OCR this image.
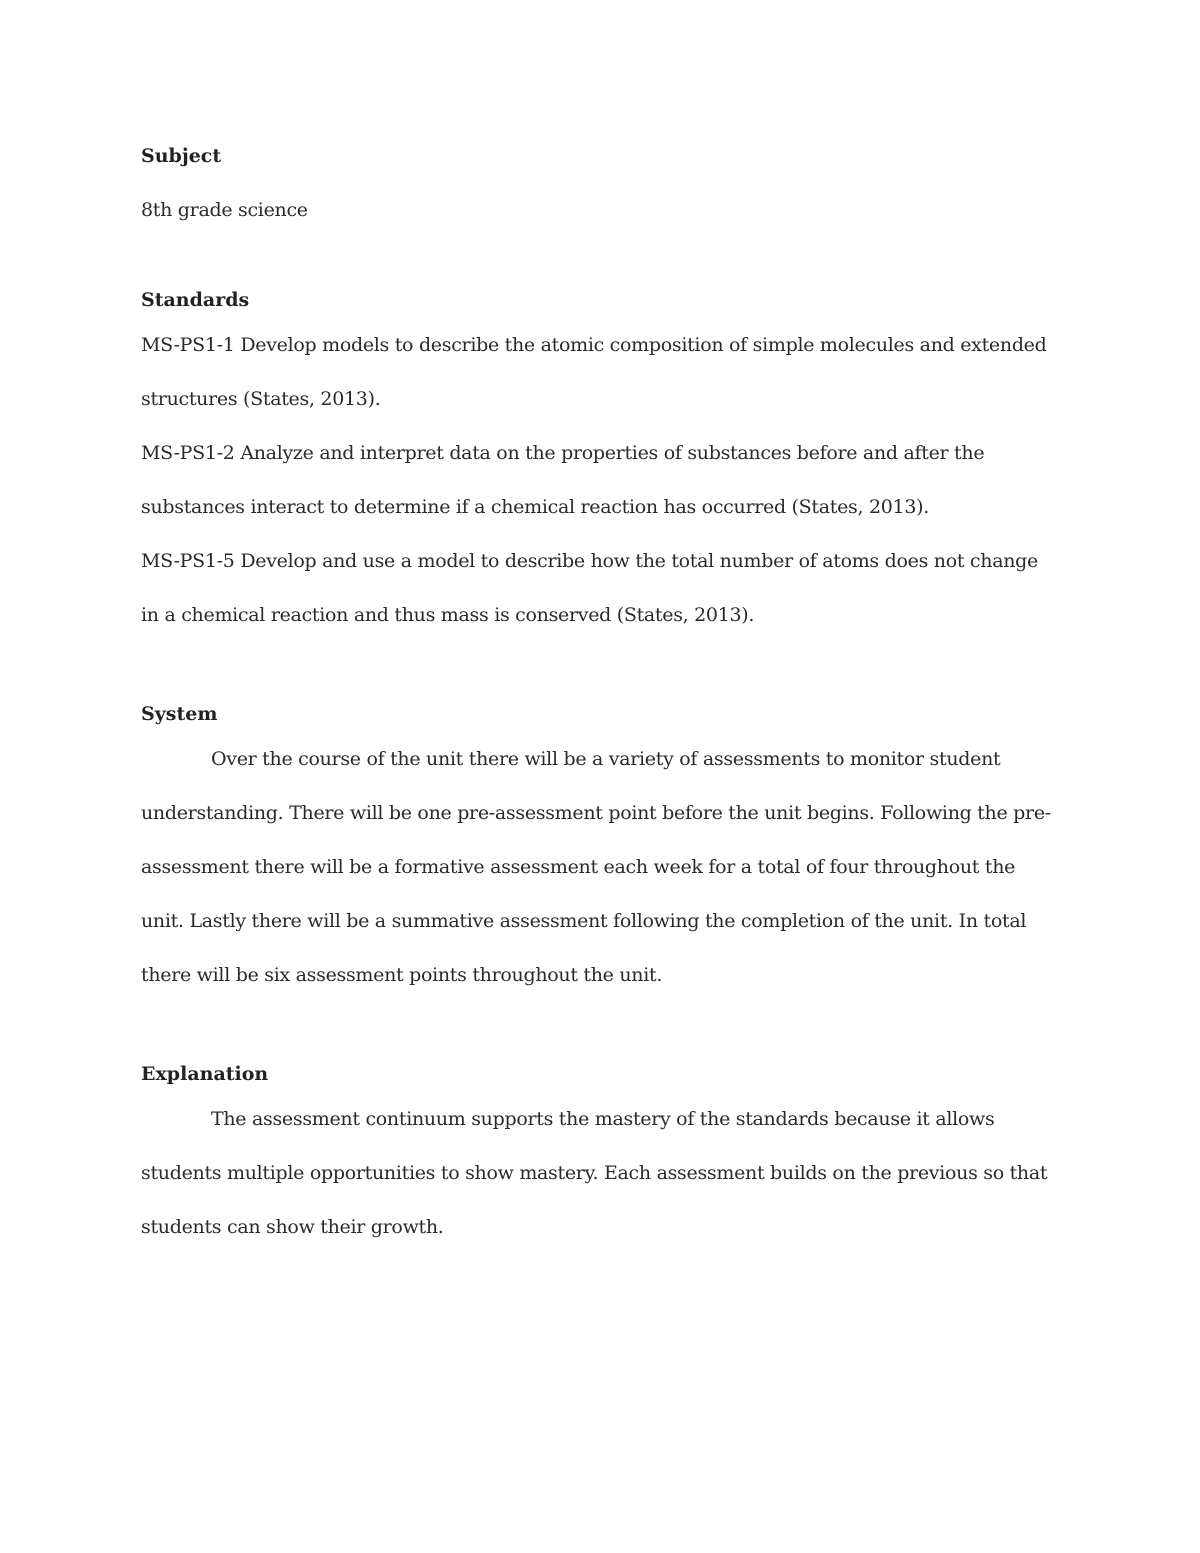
Subject

8th grade science

Standards

MS-PS1-1 Develop models to describe the atomic composition of simple molecules and extended structures (States, 2013).

MS-PS1-2 Analyze and interpret data on the properties of substances before and after the substances interact to determine if a chemical reaction has occurred (States, 2013).

MS-PS1-5 Develop and use a model to describe how the total number of atoms does not change in a chemical reaction and thus mass is conserved (States, 2013).

System

Over the course of the unit there will be a variety of assessments to monitor student understanding. There will be one pre-assessment point before the unit begins. Following the pre-assessment there will be a formative assessment each week for a total of four throughout the unit. Lastly there will be a summative assessment following the completion of the unit. In total there will be six assessment points throughout the unit.

Explanation

The assessment continuum supports the mastery of the standards because it allows students multiple opportunities to show mastery. Each assessment builds on the previous so that students can show their growth.
